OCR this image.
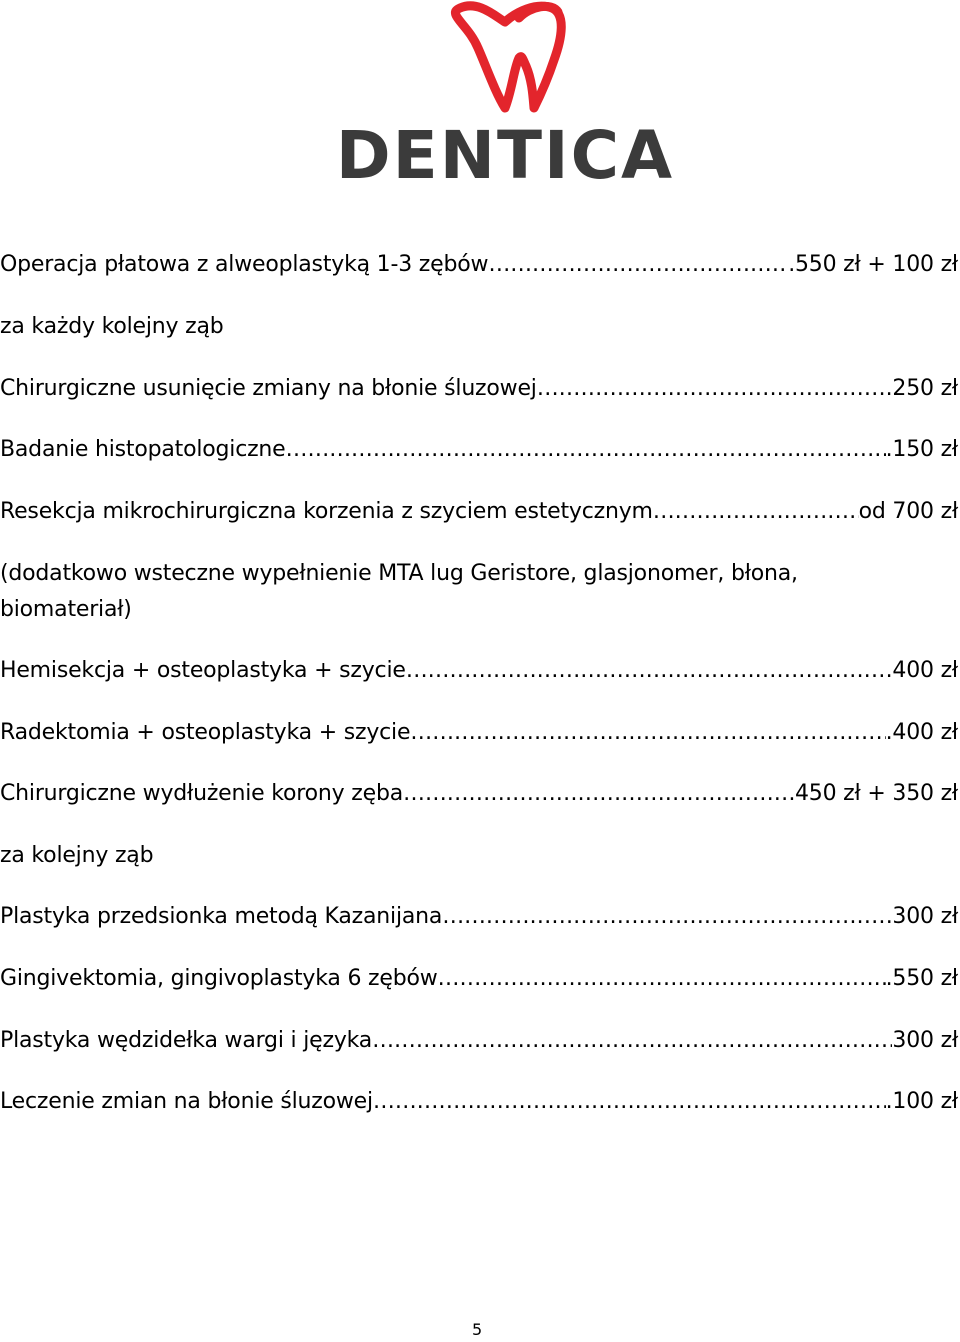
DENTICA
Operacja płatowa z alweoplastyką 1-3 zębów ………………………………………………………………………………………………………………………………………………………………………………………………………	.550 zł + 100 zł
za każdy kolejny ząb
Chirurgiczne usunięcie zmiany na błonie śluzowej ………………………………………………………………………………………………………………………………………………………………………………………………………	.250 zł
Badanie histopatologiczne ………………………………………………………………………………………………………………………………………………………………………………………………………	.150 zł
Resekcja mikrochirurgiczna korzenia z szyciem estetycznym ………………………………………………………………………………………………………………………………………………………………………………………………………	od 700 zł
(dodatkowo wsteczne wypełnienie MTA lug Geristore, glasjonomer, błona,
biomateriał)
Hemisekcja + osteoplastyka + szycie ………………………………………………………………………………………………………………………………………………………………………………………………………	.400 zł
Radektomia + osteoplastyka + szycie ………………………………………………………………………………………………………………………………………………………………………………………………………	.400 zł
Chirurgiczne wydłużenie korony zęba ………………………………………………………………………………………………………………………………………………………………………………………………………	450 zł + 350 zł
za kolejny ząb
Plastyka przedsionka metodą Kazanijana ………………………………………………………………………………………………………………………………………………………………………………………………………	300 zł
Gingivektomia, gingivoplastyka 6 zębów ………………………………………………………………………………………………………………………………………………………………………………………………………	.550 zł
Plastyka wędzidełka wargi i języka ………………………………………………………………………………………………………………………………………………………………………………………………………	300 zł
Leczenie zmian na błonie śluzowej ………………………………………………………………………………………………………………………………………………………………………………………………………	.100 zł
5
